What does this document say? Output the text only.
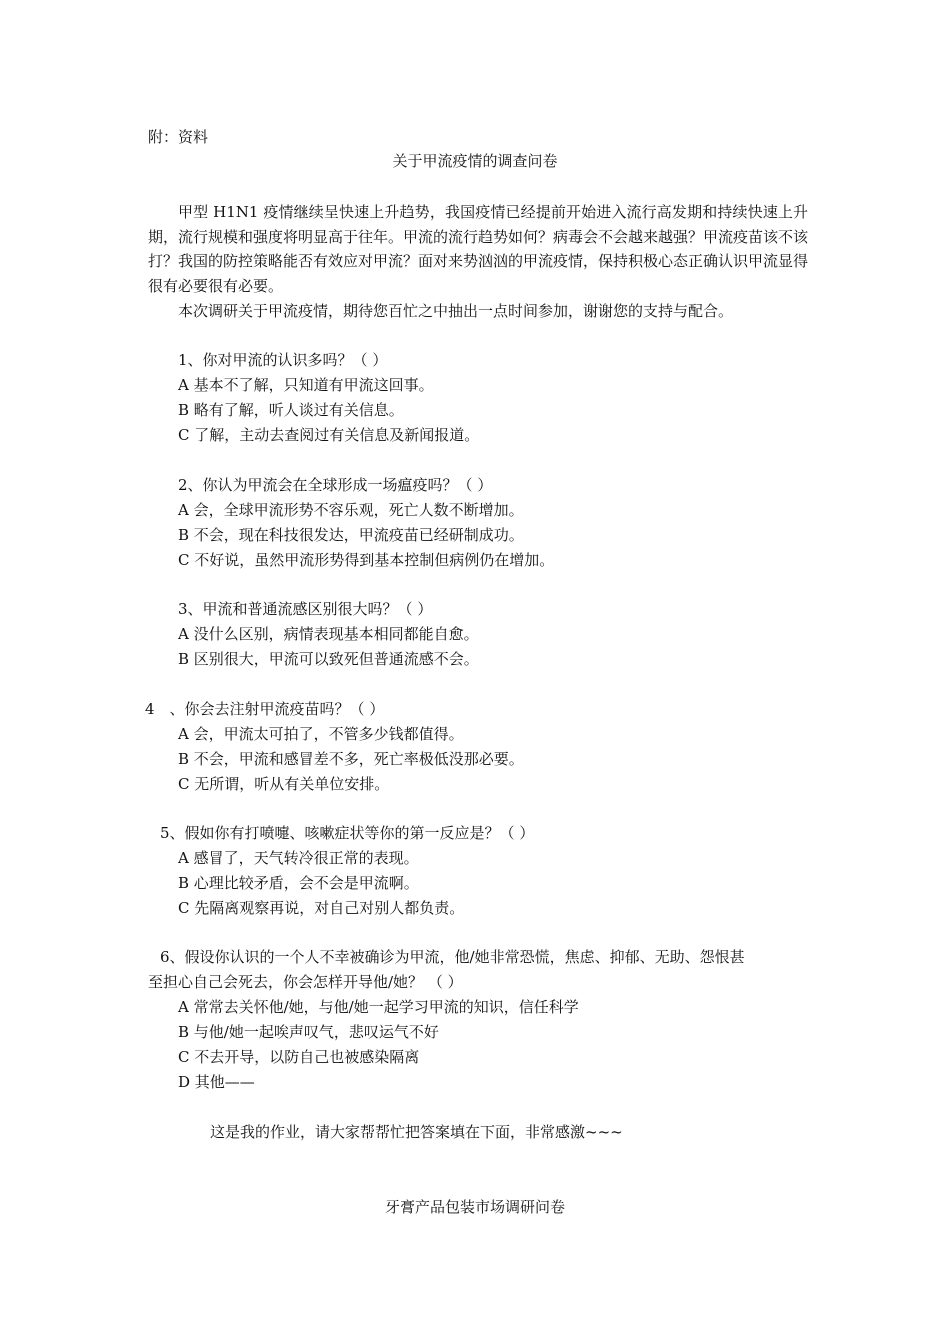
附：资料
关于甲流疫情的调查问卷
甲型 H1N1 疫情继续呈快速上升趋势，我国疫情已经提前开始进入流行高发期和持续快速上升期，流行规模和强度将明显高于往年。甲流的流行趋势如何？病毒会不会越来越强？甲流疫苗该不该打？我国的防控策略能否有效应对甲流？面对来势汹汹的甲流疫情，保持积极心态正确认识甲流显得很有必要很有必要。
本次调研关于甲流疫情，期待您百忙之中抽出一点时间参加，谢谢您的支持与配合。
1、你对甲流的认识多吗？（ ）
A 基本不了解，只知道有甲流这回事。
B 略有了解，听人谈过有关信息。
C 了解，主动去查阅过有关信息及新闻报道。
2、你认为甲流会在全球形成一场瘟疫吗？（ ）
A 会，全球甲流形势不容乐观，死亡人数不断增加。
B 不会，现在科技很发达，甲流疫苗已经研制成功。
C 不好说，虽然甲流形势得到基本控制但病例仍在增加。
3、甲流和普通流感区别很大吗？（ ）
A 没什么区别，病情表现基本相同都能自愈。
B 区别很大，甲流可以致死但普通流感不会。
4　、你会去注射甲流疫苗吗？（ ）
A 会，甲流太可拍了，不管多少钱都值得。
B 不会，甲流和感冒差不多，死亡率极低没那必要。
C 无所谓，听从有关单位安排。
5、假如你有打喷嚏、咳嗽症状等你的第一反应是？（ ）
A 感冒了，天气转冷很正常的表现。
B 心理比较矛盾，会不会是甲流啊。
C 先隔离观察再说，对自己对别人都负责。
6、假设你认识的一个人不幸被确诊为甲流，他/她非常恐慌，焦虑、抑郁、无助、怨恨甚
至担心自己会死去，你会怎样开导他/她？ （ ）
A 常常去关怀他/她，与他/她一起学习甲流的知识，信任科学
B 与他/她一起唉声叹气，悲叹运气不好
C 不去开导，以防自己也被感染隔离
D 其他——
这是我的作业，请大家帮帮忙把答案填在下面，非常感激~~~
牙膏产品包装市场调研问卷
